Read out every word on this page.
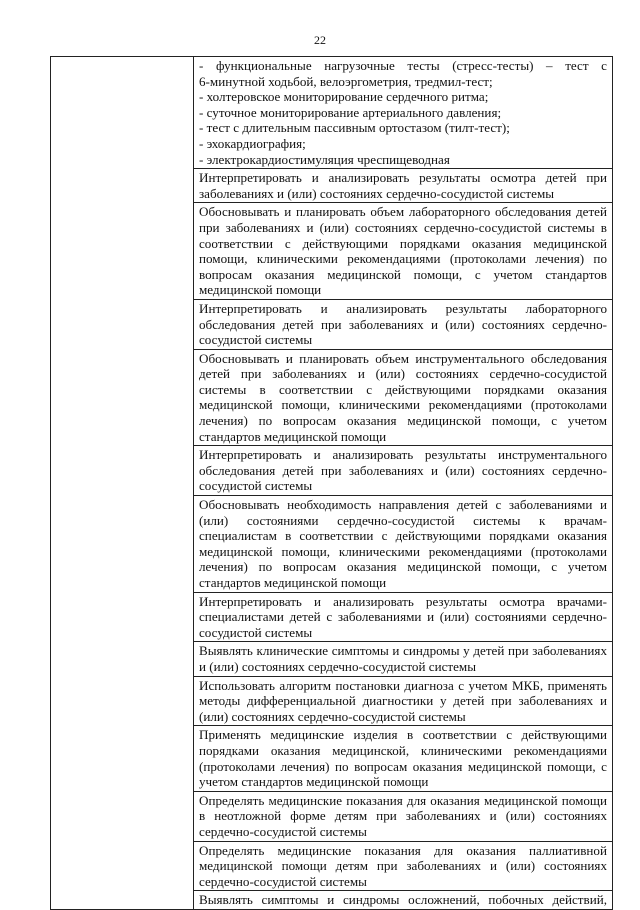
22

- функциональные нагрузочные тесты (стресс-тесты) – тест с
6-минутной ходьбой, велоэргометрия, тредмил-тест;
- холтеровское мониторирование сердечного ритма;
- суточное мониторирование артериального давления;
- тест с длительным пассивным ортостазом (тилт-тест);
- эхокардиография;
- электрокардиостимуляция чреспищеводная

Интерпретировать и анализировать результаты осмотра детей при заболеваниях и (или) состояниях сердечно-сосудистой системы

Обосновывать и планировать объем лабораторного обследования детей при заболеваниях и (или) состояниях сердечно-сосудистой системы в соответствии с действующими порядками оказания медицинской помощи, клиническими рекомендациями (протоколами лечения) по вопросам оказания медицинской помощи, с учетом стандартов медицинской помощи

Интерпретировать и анализировать результаты лабораторного обследования детей при заболеваниях и (или) состояниях сердечно-сосудистой системы

Обосновывать и планировать объем инструментального обследования детей при заболеваниях и (или) состояниях сердечно-сосудистой системы в соответствии с действующими порядками оказания медицинской помощи, клиническими рекомендациями (протоколами лечения) по вопросам оказания медицинской помощи, с учетом стандартов медицинской помощи

Интерпретировать и анализировать результаты инструментального обследования детей при заболеваниях и (или) состояниях сердечно-сосудистой системы

Обосновывать необходимость направления детей с заболеваниями и (или) состояниями сердечно-сосудистой системы к врачам-специалистам в соответствии с действующими порядками оказания медицинской помощи, клиническими рекомендациями (протоколами лечения) по вопросам оказания медицинской помощи, с учетом стандартов медицинской помощи

Интерпретировать и анализировать результаты осмотра врачами-специалистами детей с заболеваниями и (или) состояниями сердечно-сосудистой системы

Выявлять клинические симптомы и синдромы у детей при заболеваниях и (или) состояниях сердечно-сосудистой системы

Использовать алгоритм постановки диагноза с учетом МКБ, применять методы дифференциальной диагностики у детей при заболеваниях и (или) состояниях сердечно-сосудистой системы

Применять медицинские изделия в соответствии с действующими порядками оказания медицинской, клиническими рекомендациями (протоколами лечения) по вопросам оказания медицинской помощи, с учетом стандартов медицинской помощи

Определять медицинские показания для оказания медицинской помощи в неотложной форме детям при заболеваниях и (или) состояниях сердечно-сосудистой системы

Определять медицинские показания для оказания паллиативной медицинской помощи детям при заболеваниях и (или) состояниях сердечно-сосудистой системы

Выявлять симптомы и синдромы осложнений, побочных действий,
